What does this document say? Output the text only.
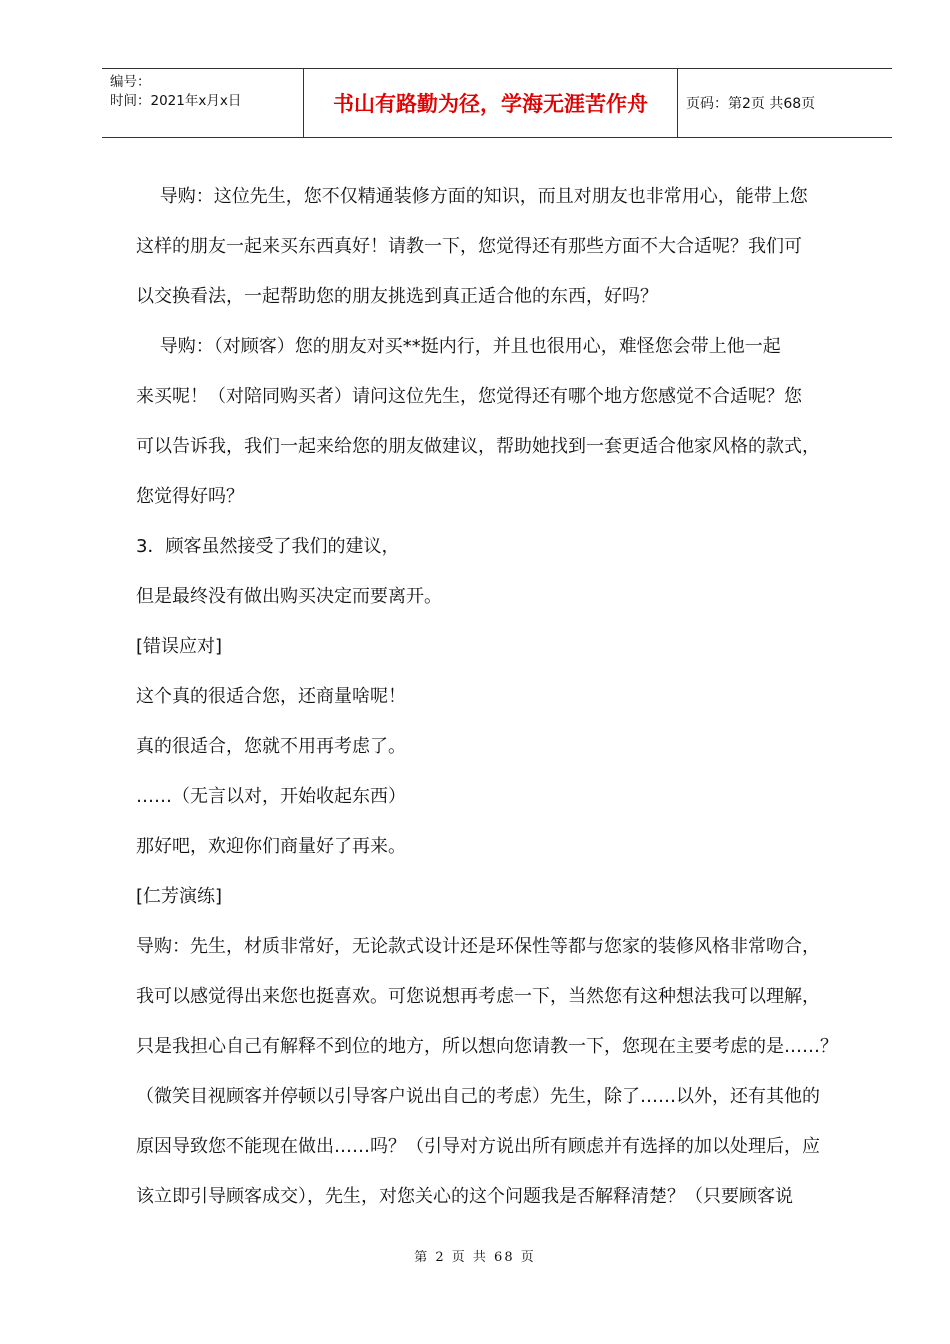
编号：
时间：2021年x月x日	书山有路勤为径，学海无涯苦作舟	页码：第2页 共68页

　 导购：这位先生，您不仅精通装修方面的知识，而且对朋友也非常用心，能带上您

这样的朋友一起来买东西真好！请教一下，您觉得还有那些方面不大合适呢？我们可

以交换看法，一起帮助您的朋友挑选到真正适合他的东西，好吗？

　 导购：（对顾客）您的朋友对买**挺内行，并且也很用心，难怪您会带上他一起

来买呢！（对陪同购买者）请问这位先生，您觉得还有哪个地方您感觉不合适呢？您

可以告诉我，我们一起来给您的朋友做建议，帮助她找到一套更适合他家风格的款式，

您觉得好吗？

3．顾客虽然接受了我们的建议，

但是最终没有做出购买决定而要离开。

[错误应对]

这个真的很适合您，还商量啥呢！

真的很适合，您就不用再考虑了。

……（无言以对，开始收起东西）

那好吧，欢迎你们商量好了再来。

[仁芳演练]

导购：先生，材质非常好，无论款式设计还是环保性等都与您家的装修风格非常吻合，

我可以感觉得出来您也挺喜欢。可您说想再考虑一下，当然您有这种想法我可以理解，

只是我担心自己有解释不到位的地方，所以想向您请教一下，您现在主要考虑的是……？

（微笑目视顾客并停顿以引导客户说出自己的考虑）先生，除了……以外，还有其他的

原因导致您不能现在做出……吗？（引导对方说出所有顾虑并有选择的加以处理后，应

该立即引导顾客成交），先生，对您关心的这个问题我是否解释清楚？（只要顾客说

第 2 页 共 68 页
